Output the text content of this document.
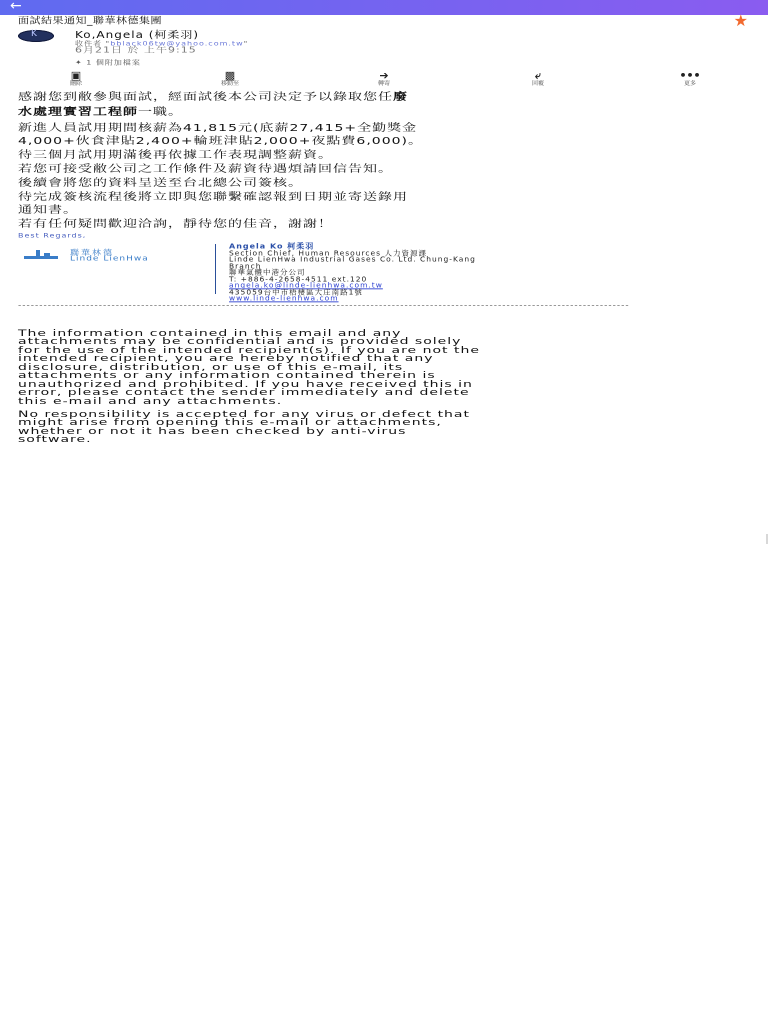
←
面試結果通知_聯華林德集團	★
K	Ko,Angela (柯柔羽)
收件者 "bblack06tw@yahoo.com.tw"
6月21日 於 上午9:15
✦ 1 個附加檔案
▣
刪除
▩
移動至
➔
轉寄
⤶
回覆
•••
更多
感謝您到敝參與面試，經面試後本公司決定予以錄取您任廢
水處理實習工程師一職。
新進人員試用期間核薪為41,815元(底薪27,415+全勤獎金
4,000+伙食津貼2,400+輪班津貼2,000+夜點費6,000)。
待三個月試用期滿後再依據工作表現調整薪資。
若您可接受敝公司之工作條件及薪資待遇煩請回信告知。
後續會將您的資料呈送至台北總公司簽核。
待完成簽核流程後將立即與您聯繫確認報到日期並寄送錄用
通知書。
若有任何疑問歡迎洽詢，靜待您的佳音，謝謝！
Best Regards,
聯華林德
Linde LienHwa
Angela Ko 柯柔羽
Section Chief, Human Resources 人力資源課
Linde LienHwa Industrial Gases Co. Ltd. Chung-Kang
Branch
聯華氣體中港分公司
T: +886-4-2658-4511 ext.120
angela.ko@linde-lienhwa.com.tw
435059台中市梧棲區大庄南路1號
www.linde-lienhwa.com
------------------------------------------------------------------------------------------------------------------------------------------------
The information contained in this email and any
attachments may be confidential and is provided solely
for the use of the intended recipient(s). If you are not the
intended recipient, you are hereby notified that any
disclosure, distribution, or use of this e-mail, its
attachments or any information contained therein is
unauthorized and prohibited. If you have received this in
error, please contact the sender immediately and delete
this e-mail and any attachments.
No responsibility is accepted for any virus or defect that
might arise from opening this e-mail or attachments,
whether or not it has been checked by anti-virus
software.
